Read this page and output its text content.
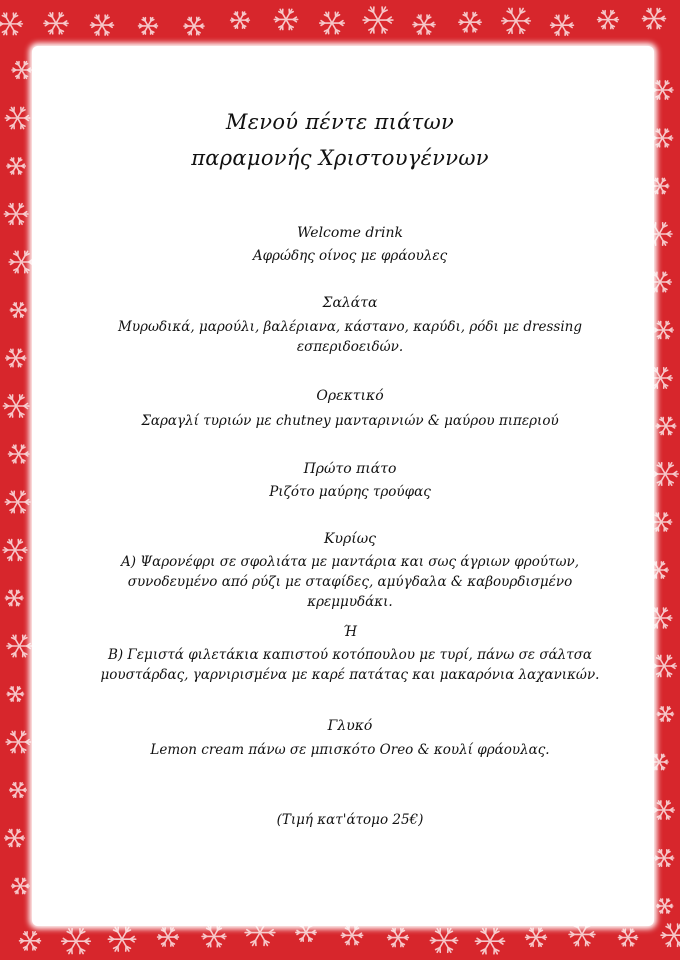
Μενού πέντε πιάτων
παραμονής Χριστουγέννων
Welcome drink
Αφρώδης οίνος με φράουλες
Σαλάτα
Μυρωδικά, μαρούλι, βαλέριανα, κάστανο, καρύδι, ρόδι με dressing εσπεριδοειδών.
Ορεκτικό
Σαραγλί τυριών με chutney μανταρινιών & μαύρου πιπεριού
Πρώτο πιάτο
Ριζότο μαύρης τρούφας
Κυρίως
Α) Ψαρονέφρι σε σφολιάτα με μαντάρια και σως άγριων φρούτων, συνοδευμένο από ρύζι με σταφίδες, αμύγδαλα & καβουρδισμένο κρεμμυδάκι.
Ή
Β) Γεμιστά φιλετάκια καπιστού κοτόπουλου με τυρί, πάνω σε σάλτσα μουστάρδας, γαρνιρισμένα με καρέ πατάτας και μακαρόνια λαχανικών.
Γλυκό
Lemon cream πάνω σε μπισκότο Oreo & κουλί φράουλας.
(Τιμή κατ'άτομο 25€)
